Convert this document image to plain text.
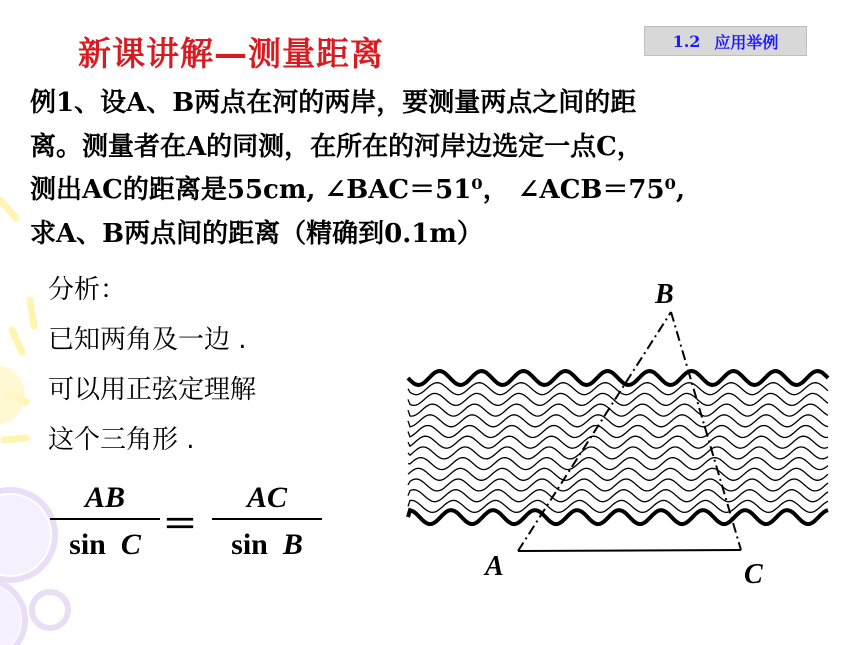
新课讲解—测量距离	1.2 应用举例

例1、设A、B两点在河的两岸，要测量两点之间的距

离。测量者在A的同测，在所在的河岸边选定一点C，

测出AC的距离是55cm, ∠BAC＝51⁰， ∠ACB＝75⁰,

求A、B两点间的距离（精确到0.1m）

分析：

已知两角及一边 .

可以用正弦定理解

这个三角形 .

$\frac{AB}{\text{sin C}} = \frac{AC}{\text{sin B}}$
B
A	C
